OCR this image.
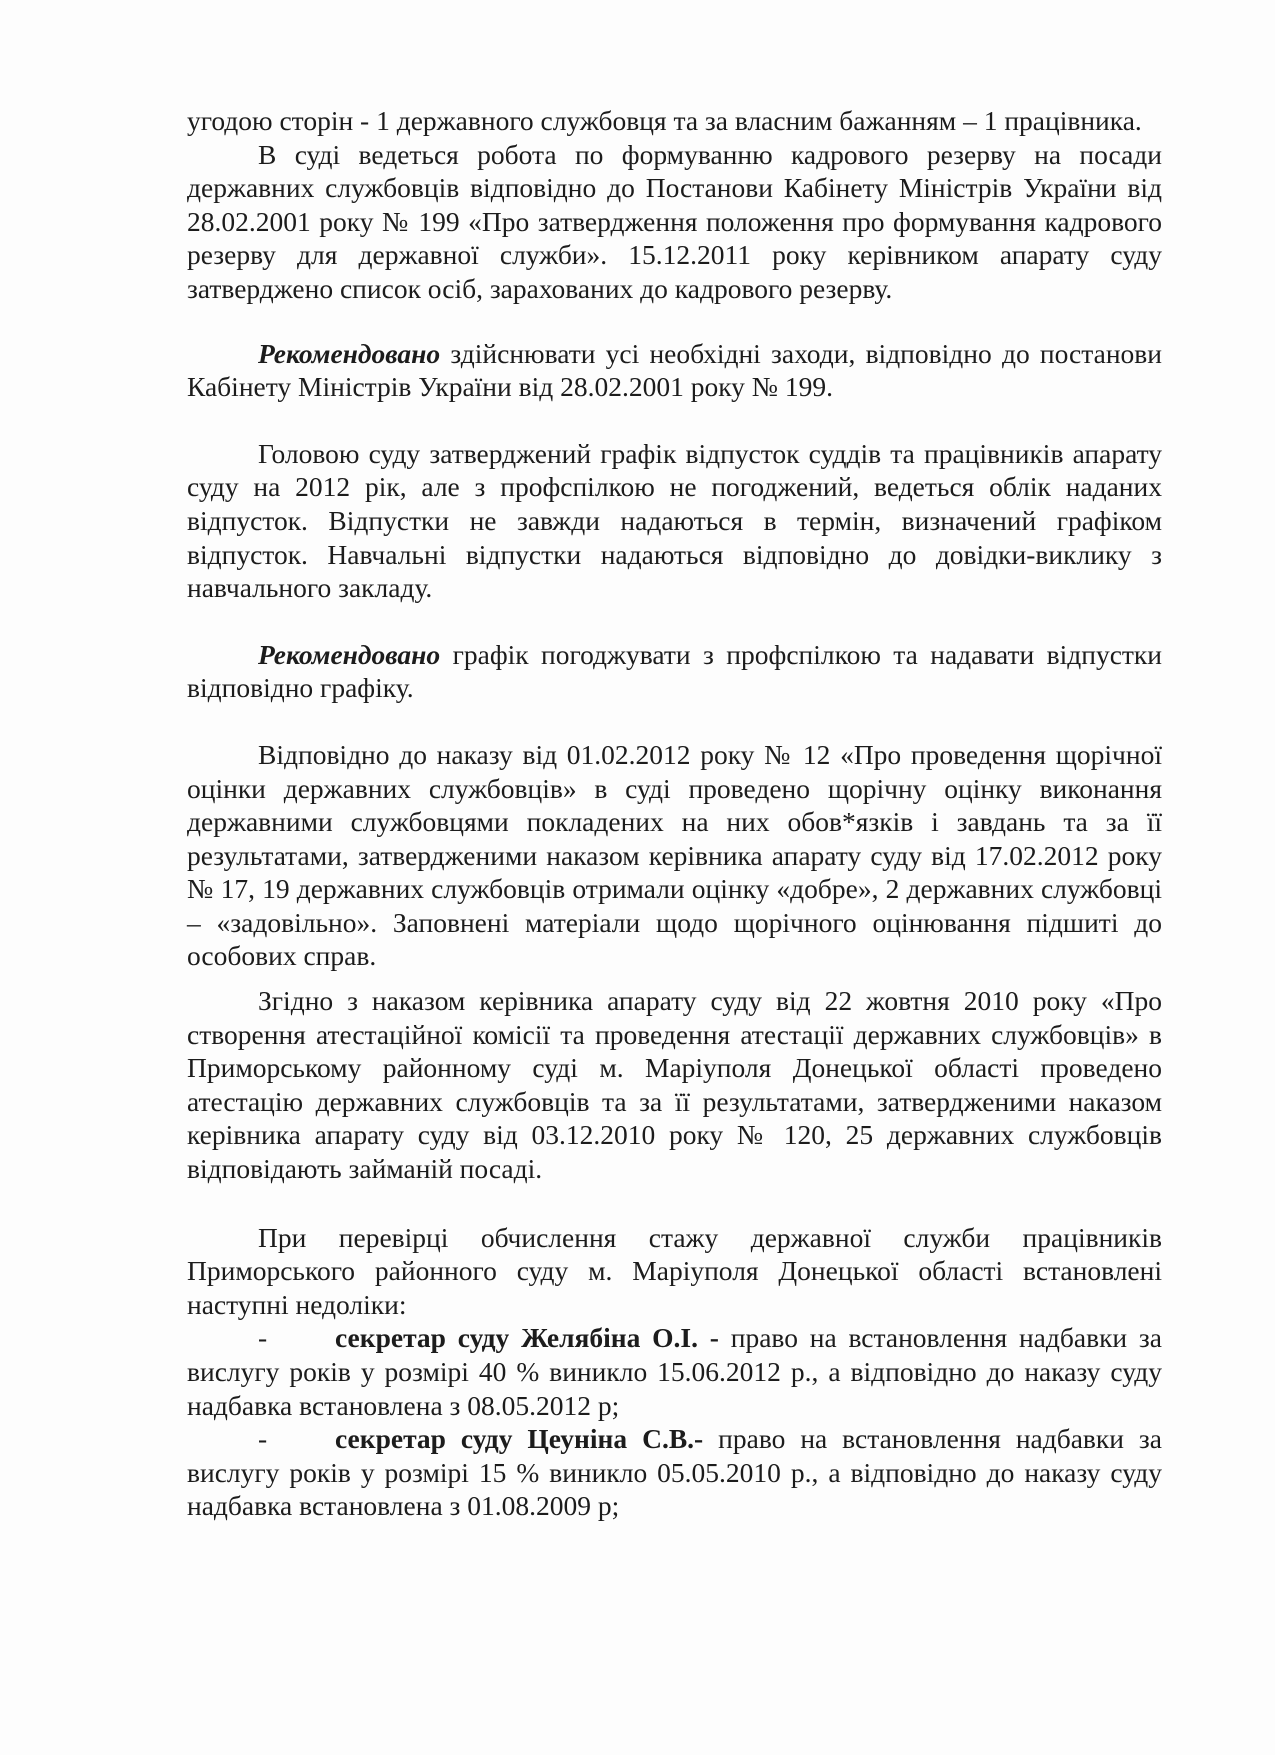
угодою сторін - 1 державного службовця та за власним бажанням – 1 працівника.

В суді ведеться робота по формуванню кадрового резерву на посади державних службовців відповідно до Постанови Кабінету Міністрів України від 28.02.2001 року № 199 «Про затвердження положення про формування кадрового резерву для державної служби». 15.12.2011 року керівником апарату суду затверджено список осіб, зарахованих до кадрового резерву.

Рекомендовано здійснювати усі необхідні заходи, відповідно до постанови Кабінету Міністрів України від 28.02.2001 року № 199.

Головою суду затверджений графік відпусток суддів та працівників апарату суду на 2012 рік, але з профспілкою не погоджений, ведеться облік наданих відпусток. Відпустки не завжди надаються в термін, визначений графіком відпусток. Навчальні відпустки надаються відповідно до довідки-виклику з навчального закладу.

Рекомендовано графік погоджувати з профспілкою та надавати відпустки відповідно графіку.

Відповідно до наказу від 01.02.2012 року № 12 «Про проведення щорічної оцінки державних службовців» в суді проведено щорічну оцінку виконання державними службовцями покладених на них обов*язків і завдань та за її результатами, затвердженими наказом керівника апарату суду від 17.02.2012 року № 17, 19 державних службовців отримали оцінку «добре», 2 державних службовці – «задовільно». Заповнені матеріали щодо щорічного оцінювання підшиті до особових справ.

Згідно з наказом керівника апарату суду від 22 жовтня 2010 року «Про створення атестаційної комісії та проведення атестації державних службовців» в Приморському районному суді м. Маріуполя Донецької області проведено атестацію державних службовців та за її результатами, затвердженими наказом керівника апарату суду від 03.12.2010 року № 120, 25 державних службовців відповідають займаній посаді.

При перевірці обчислення стажу державної служби працівників Приморського районного суду м. Маріуполя Донецької області встановлені наступні недоліки:

- секретар суду Желябіна О.І. - право на встановлення надбавки за вислугу років у розмірі 40 % виникло 15.06.2012 р., а відповідно до наказу суду надбавка встановлена з 08.05.2012 р;

- секретар суду Цеуніна С.В.- право на встановлення надбавки за вислугу років у розмірі 15 % виникло 05.05.2010 р., а відповідно до наказу суду надбавка встановлена з 01.08.2009 р;
